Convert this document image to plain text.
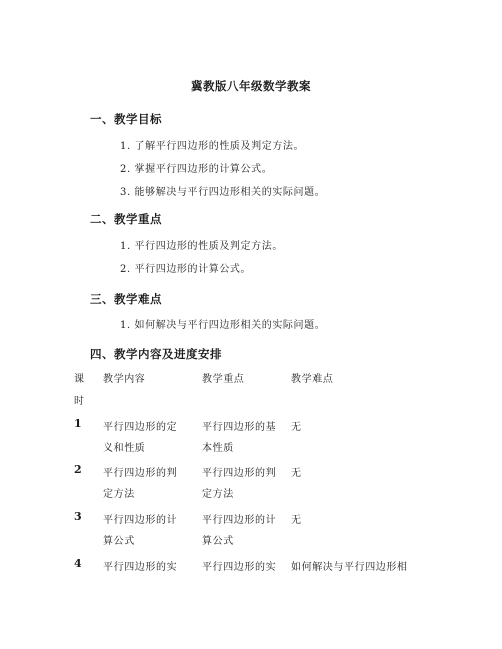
冀教版八年级数学教案
一、教学目标
1. 了解平行四边形的性质及判定方法。
2. 掌握平行四边形的计算公式。
3. 能够解决与平行四边形相关的实际问题。
二、教学重点
1. 平行四边形的性质及判定方法。
2. 平行四边形的计算公式。
三、教学难点
1. 如何解决与平行四边形相关的实际问题。
四、教学内容及进度安排
课
时
教学内容	教学重点	教学难点
1 平行四边形的定
义和性质
平行四边形的基
本性质
无
2 平行四边形的判
定方法
平行四边形的判
定方法
无
3 平行四边形的计
算公式
平行四边形的计
算公式
无
4 平行四边形的实 平行四边形的实 如何解决与平行四边形相
